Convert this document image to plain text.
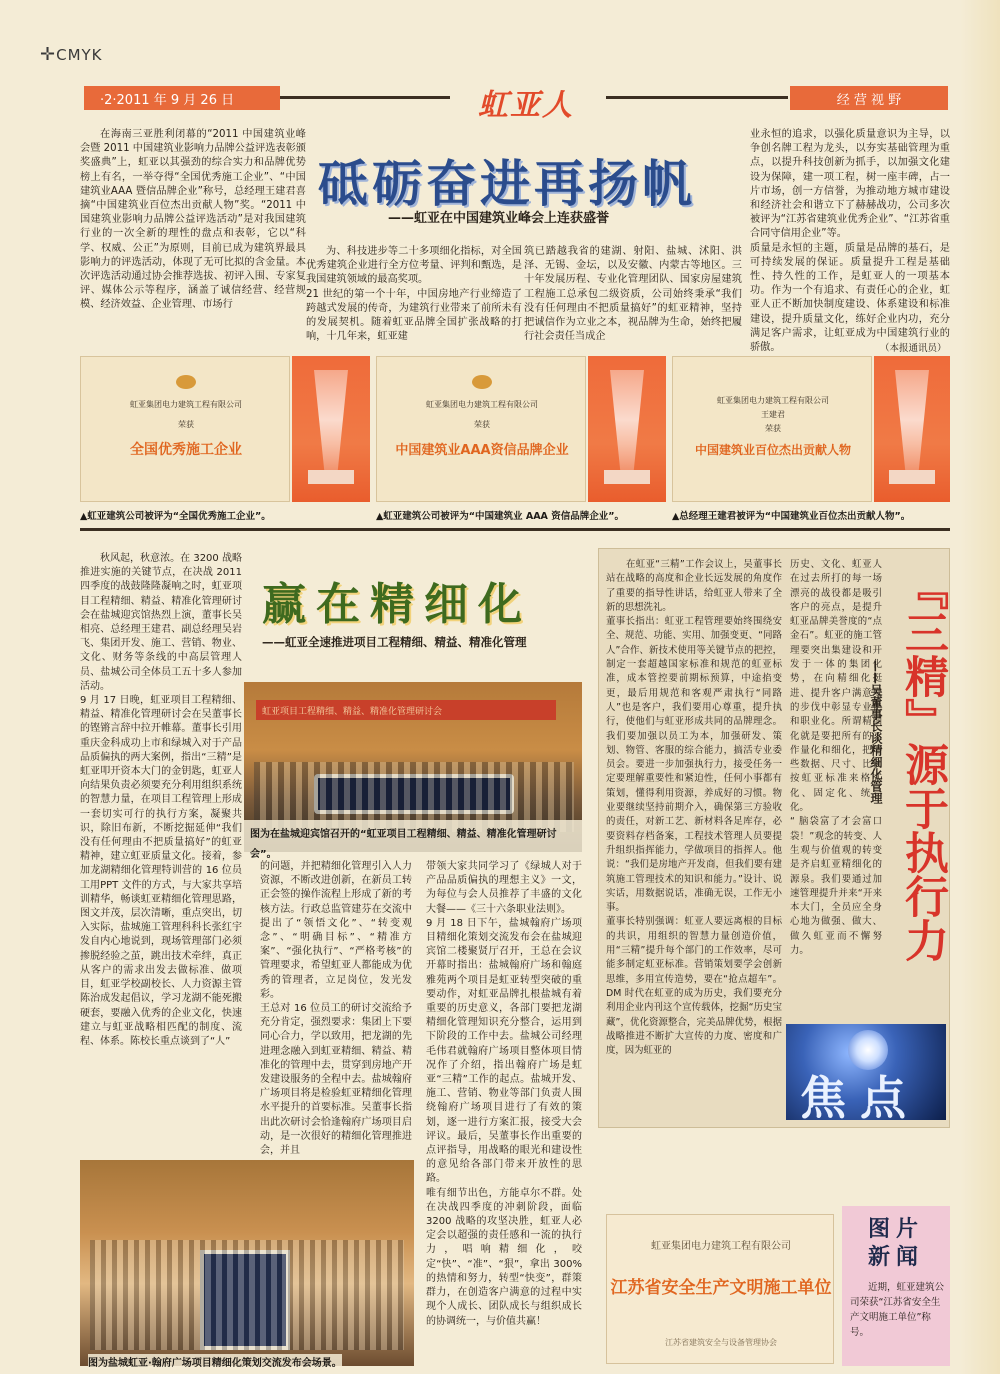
✛CMYK
·2·2011 年 9 月 26 日	虹亚人	经 营 视 野
在海南三亚胜利闭幕的“2011 中国建筑业峰会暨 2011 中国建筑业影响力品牌公益评选表彰颁奖盛典”上，虹亚以其强劲的综合实力和品牌优势榜上有名，一举夺得“全国优秀施工企业”、“中国建筑业AAA 暨信品牌企业”称号，总经理王建君喜摘“中国建筑业百位杰出贡献人物”奖。“2011 中国建筑业影响力品牌公益评选活动”是对我国建筑行业的一次全新的理性的盘点和表彰，它以“科学、权威、公正”为原则，目前已成为建筑界最具影响力的评选活动，体现了无可比拟的含金量。本次评选活动通过协会推荐选拔、初评入围、专家复评、媒体公示等程序，涵盖了诚信经营、经营规模、经济效益、企业管理、市场行
砥砺奋进再扬帆
——虹亚在中国建筑业峰会上连获盛誉
为、科技进步等二十多项细化指标，对全国优秀建筑企业进行全方位考量、评判和甄选，是我国建筑领域的最高奖项。
21 世纪的第一个十年，中国房地产行业缔造了跨越式发展的传奇，为建筑行业带来了前所未有的发展契机。随着虹亚品牌全国扩张战略的打响，十几年来，虹亚建
筑已踏越我省的建湖、射阳、盐城、沭阳、洪泽、无锡、金坛，以及安徽、内蒙古等地区。三十年发展历程、专业化管理团队、国家房屋建筑工程施工总承包二级资质，公司始终秉承“我们没有任何理由不把质量搞好”的虹亚精神，坚持把诚信作为立业之本，视品牌为生命，始终把履行社会责任当成企
业永恒的追求，以强化质量意识为主导，以争创名牌工程为龙头，以夯实基础管理为重点，以提升科技创新为抓手，以加强文化建设为保障，建一项工程，树一座丰碑，占一片市场，创一方信誉，为推动地方城市建设和经济社会和谐立下了赫赫战功，公司多次被评为“江苏省建筑业优秀企业”、“江苏省重合同守信用企业”等。
质量是永恒的主题，质量是品牌的基石，是可持续发展的保证。质量提升工程是基础性、持久性的工作，是虹亚人的一项基本功。作为一个有追求、有责任心的企业，虹亚人正不断加快制度建设、体系建设和标准建设，提升质量文化，练好企业内功，充分满足客户需求，让虹亚成为中国建筑行业的骄傲。	（本报通讯员）
虹亚集团电力建筑工程有限公司
荣获
全国优秀施工企业
虹亚集团电力建筑工程有限公司
荣获
中国建筑业AAA资信品牌企业
虹亚集团电力建筑工程有限公司
王建君
荣获
中国建筑业百位杰出贡献人物
▲虹亚建筑公司被评为“全国优秀施工企业”。	▲虹亚建筑公司被评为“中国建筑业 AAA 资信品牌企业”。	▲总经理王建君被评为“中国建筑业百位杰出贡献人物”。
秋风起，秋意浓。在 3200 战略推进实施的关键节点，在决战 2011 四季度的战鼓隆隆凝响之时，虹亚项目工程精细、精益、精准化管理研讨会在盐城迎宾馆热烈上演，董事长吴相亮、总经理王建君、副总经理吴岩飞、集团开发、施工、营销、物业、文化、财务等条线的中高层管理人员、盐城公司全体员工五十多人参加活动。
9 月 17 日晚，虹亚项目工程精细、精益、精准化管理研讨会在吴董事长的铿锵言辞中拉开帷幕。董事长引用重庆金科成功上市和绿城入对于产品品质偏执的两大案例，指出“三精”是虹亚叩开资本大门的金钥匙，虹亚人向结果负责必须要充分利用组织系统的智慧力量，在项目工程管理上形成一套切实可行的执行方案，凝聚共识，除旧布新，不断挖掘延伸“我们没有任何理由不把质量搞好”的虹亚精神，建立虹亚质量文化。接着，参加龙湖精细化管理特训营的 16 位员工用PPT 文件的方式，与大家共享培训精华，畅谈虹亚精细化管理思路，图文并茂，层次清晰，重点突出，切入实际，盐城施工管理科科长张红宇发自内心地说到，现场管理部门必须掺脱经验之茧，跳出技术牵绊，真正从客户的需求出发去做标准、做项目，虹亚学校副校长、人力资源主管陈治成发起倡议，学习龙湖不能死搬硬套，要融入优秀的企业文化，快速建立与虹亚战略相匹配的制度、流程、体系。陈校长重点谈到了“人”
赢在精细化
——虹亚全速推进项目工程精细、精益、精准化管理
虹亚项目工程精细、精益、精准化管理研讨会
图为在盐城迎宾馆召开的“虹亚项目工程精细、精益、精准化管理研讨会”。
的问题，并把精细化管理引入人力资源，不断改进创新，在新员工转正会签的操作流程上形成了新的考核方法。行政总监管建芬在交流中提出了“领悟文化”、“转变观念”、“明确目标”、“精准方案”、“强化执行”、“严格考核”的管理要求，希望虹亚人都能成为优秀的管理者，立足岗位，发光发彩。
王总对 16 位员工的研讨交流给予充分肯定，强烈要求：集团上下要同心合力，学以致用，把龙湖的先进理念融入到虹亚精细、精益、精准化的管理中去，贯穿到房地产开发建设服务的全程中去。盐城翰府广场项目将是检验虹亚精细化管理水平提升的首要标准。吴董事长指出此次研讨会恰逢翰府广场项目启动，是一次很好的精细化管理推进会，并且
带领大家共同学习了《绿城人对于产品品质偏执的理想主义》一文，为每位与会人员推荐了丰盛的文化大餐——《三十六条职业法则》。
9 月 18 日下午，盐城翰府广场项目精细化策划交流发布会在盐城迎宾馆二楼聚贤厅召开，王总在会议开幕时指出：盐城翰府广场和翰庭雅苑两个项目是虹亚转型突破的重要动作，对虹亚品牌扎根盐城有着重要的历史意义，各部门要把龙湖精细化管理知识充分整合，运用到下阶段的工作中去。盐城公司经理毛伟君就翰府广场项目整体项目情况作了介绍，指出翰府广场是虹亚“三精”工作的起点。盐城开发、施工、营销、物业等部门负责人围绕翰府广场项目进行了有效的策划，逐一进行方案汇报，接受大会评议。最后，吴董事长作出重要的点评指导，用战略的眼光和建设性的意见给各部门带来开放性的思路。
唯有细节出色，方能卓尔不群。处在决战四季度的冲刺阶段，面临 3200 战略的攻坚决胜，虹亚人必定会以超强的责任感和一流的执行力，唱响精细化，咬定“快”、“准”、“狠”，拿出 300% 的热情和努力，转型“快变”，群策群力，在创造客户满意的过程中实现个人成长、团队成长与组织成长的协调统一，与价值共赢！
图为盐城虹亚·翰府广场项目精细化策划交流发布会场景。
在虹亚“三精”工作会议上，吴董事长站在战略的高度和企业长远发展的角度作了重要的指导性讲话，给虹亚人带来了全新的思想洗礼。
董事长指出：虹亚工程管理要始终围绕安全、规范、功能、实用、加强变更、“同路人”合作、新技术使用等关键节点的把控，制定一套超越国家标准和规范的虹亚标准，成本管控要前期标预算，中途掐变更，最后用规范和客观严肃执行“同路人”也是客户，我们要用心尊重，提升执行，使他们与虹亚形成共同的品牌理念。我们要加强以员工为本，加强研发、策划、物管、客服的综合能力，搞活专业委员会。要进一步加强执行力，接受任务一定要理解重要性和紧迫性，任何小事都有策划，懂得利用资源，养成好的习惯。物业要继续坚持前期介入，确保第三方验收的责任，对新工艺、新材料各足库存，必要资料存档备案，工程技术管理人员要提升组织指挥能力，学做项目的指挥人。他说：“我们是房地产开发商，但我们要有建筑施工管理技术的知识和能力。”设计、说实话，用数据说话，准确无误，工作无小事。
董事长特别强调：虹亚人要远离根的目标的共识，用组织的智慧力量创造价值，用“三精”提升每个部门的工作效率，尽可能多制定虹亚标准。营销策划要学会创新思维，多用宣传造势，要在“抢点超车”。DM 时代在虹亚的成为历史，我们要充分利用企业内刊这个宣传载体，挖掘“历史宝藏”，优化资源整合，完美品牌优势，根据战略推进不断扩大宣传的力度、密度和广度，因为虹亚的
历史、文化、虹亚人在过去所打的每一场漂亮的战役都是吸引客户的亮点，是提升虹亚品牌美誉度的“点金石”。虹亚的施工管理要突出集建设和开发于一体的集团化势，在向精细化挺进、提升客户满意度的步伐中彰显专业化和职业化。所谓精细化就是要把所有的工作量化和细化，把一些数据、尺寸、比例按虹亚标准来格式化、固定化、统一化。
“ 脑袋富了才会富口袋！”观念的转变、人生观与价值观的转变是齐启虹亚精细化的源泉。我们要通过加速管理提升并来“开来本大门，全员应全身心地为做强、做大、做久虹亚而不懈努力。	『三精』源于执行力
——吴董事长谈精细化管理
焦点
虹亚集团电力建筑工程有限公司
江苏省安全生产文明施工单位
江苏省建筑安全与设备管理协会
图片
新闻
近期，虹亚建筑公司荣获“江苏省安全生产文明施工单位”称号。
